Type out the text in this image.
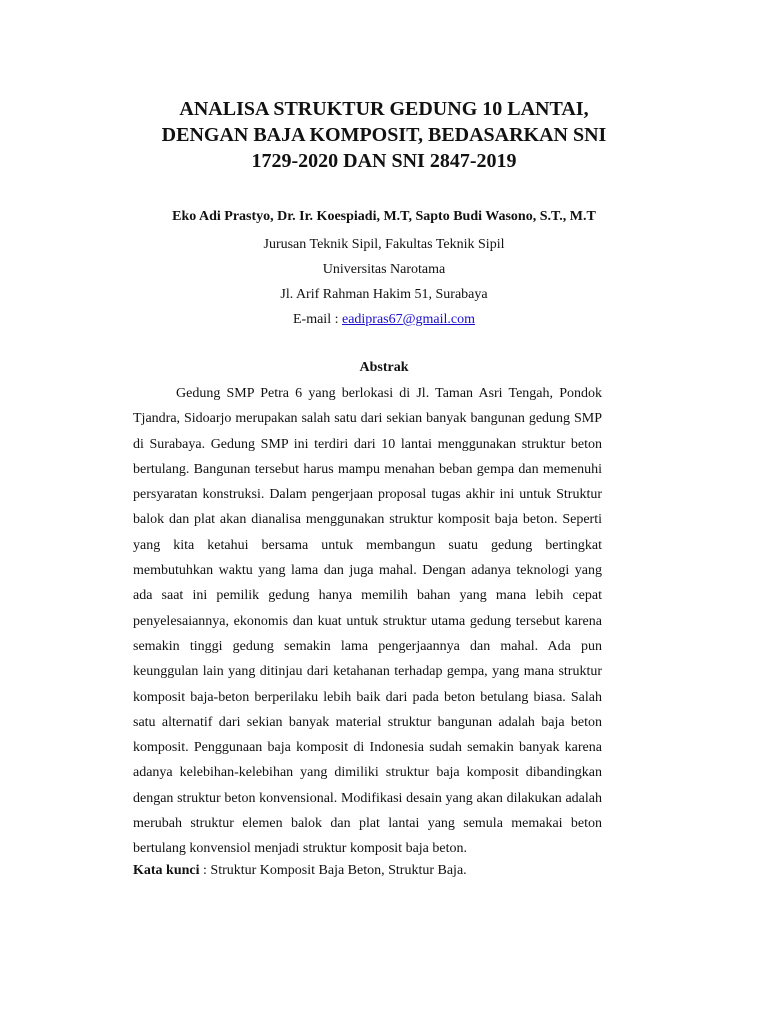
ANALISA STRUKTUR GEDUNG 10 LANTAI,
DENGAN BAJA KOMPOSIT, BEDASARKAN SNI
1729-2020 DAN SNI 2847-2019
Eko Adi Prastyo, Dr. Ir. Koespiadi, M.T, Sapto Budi Wasono, S.T., M.T
Jurusan Teknik Sipil, Fakultas Teknik Sipil
Universitas Narotama
Jl. Arif Rahman Hakim 51, Surabaya
E-mail : eadipras67@gmail.com
Abstrak
Gedung SMP Petra 6 yang berlokasi di Jl. Taman Asri Tengah, Pondok
Tjandra, Sidoarjo merupakan salah satu dari sekian banyak bangunan gedung SMP
di Surabaya. Gedung SMP ini terdiri dari 10 lantai menggunakan struktur beton
bertulang. Bangunan tersebut harus mampu menahan beban gempa dan memenuhi
persyaratan konstruksi. Dalam pengerjaan proposal tugas akhir ini untuk Struktur
balok dan plat akan dianalisa menggunakan struktur komposit baja beton. Seperti
yang kita ketahui bersama untuk membangun suatu gedung bertingkat
membutuhkan waktu yang lama dan juga mahal. Dengan adanya teknologi yang
ada saat ini pemilik gedung hanya memilih bahan yang mana lebih cepat
penyelesaiannya, ekonomis dan kuat untuk struktur utama gedung tersebut karena
semakin tinggi gedung semakin lama pengerjaannya dan mahal. Ada pun
keunggulan lain yang ditinjau dari ketahanan terhadap gempa, yang mana struktur
komposit baja-beton berperilaku lebih baik dari pada beton betulang biasa. Salah
satu alternatif dari sekian banyak material struktur bangunan adalah baja beton
komposit. Penggunaan baja komposit di Indonesia sudah semakin banyak karena
adanya kelebihan-kelebihan yang dimiliki struktur baja komposit dibandingkan
dengan struktur beton konvensional. Modifikasi desain yang akan dilakukan adalah
merubah struktur elemen balok dan plat lantai yang semula memakai beton
bertulang konvensiol menjadi struktur komposit baja beton.
Kata kunci : Struktur Komposit Baja Beton, Struktur Baja.
